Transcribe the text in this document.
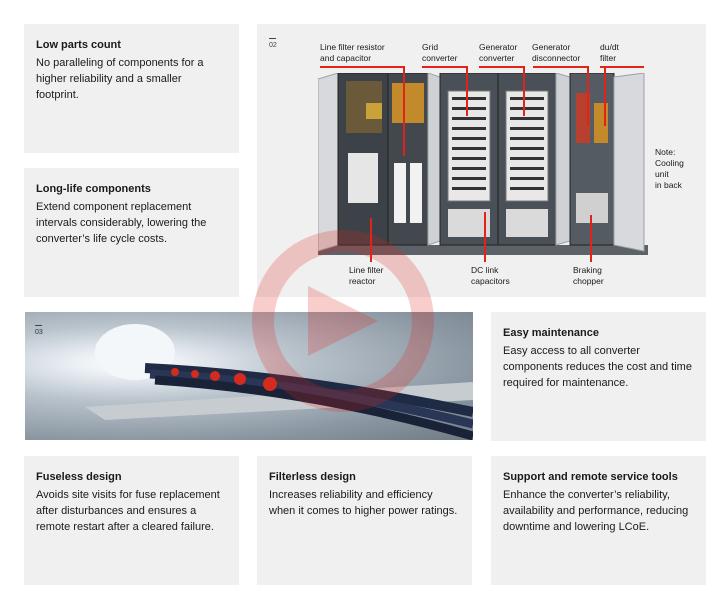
Low parts count

No paralleling of components for a higher reliability and a smaller footprint.

Long-life components

Extend component replacement intervals considerably, lowering the converter’s life cycle costs.

02	Line filter resistor
and capacitor
Grid
converter
Generator
converter
Generator
disconnector
du/dt
filter
Note:
Cooling
unit
in back
Line filter
reactor
DC link
capacitors
Braking
chopper
03	Easy maintenance

Easy access to all converter components reduces the cost and time required for maintenance.

Fuseless design

Avoids site visits for fuse replacement after disturbances and ensures a remote restart after a cleared failure.

Filterless design

Increases reliability and efficiency when it comes to higher power ratings.

Support and remote service tools

Enhance the converter’s reliability, availability and performance, reducing downtime and lowering LCoE.
